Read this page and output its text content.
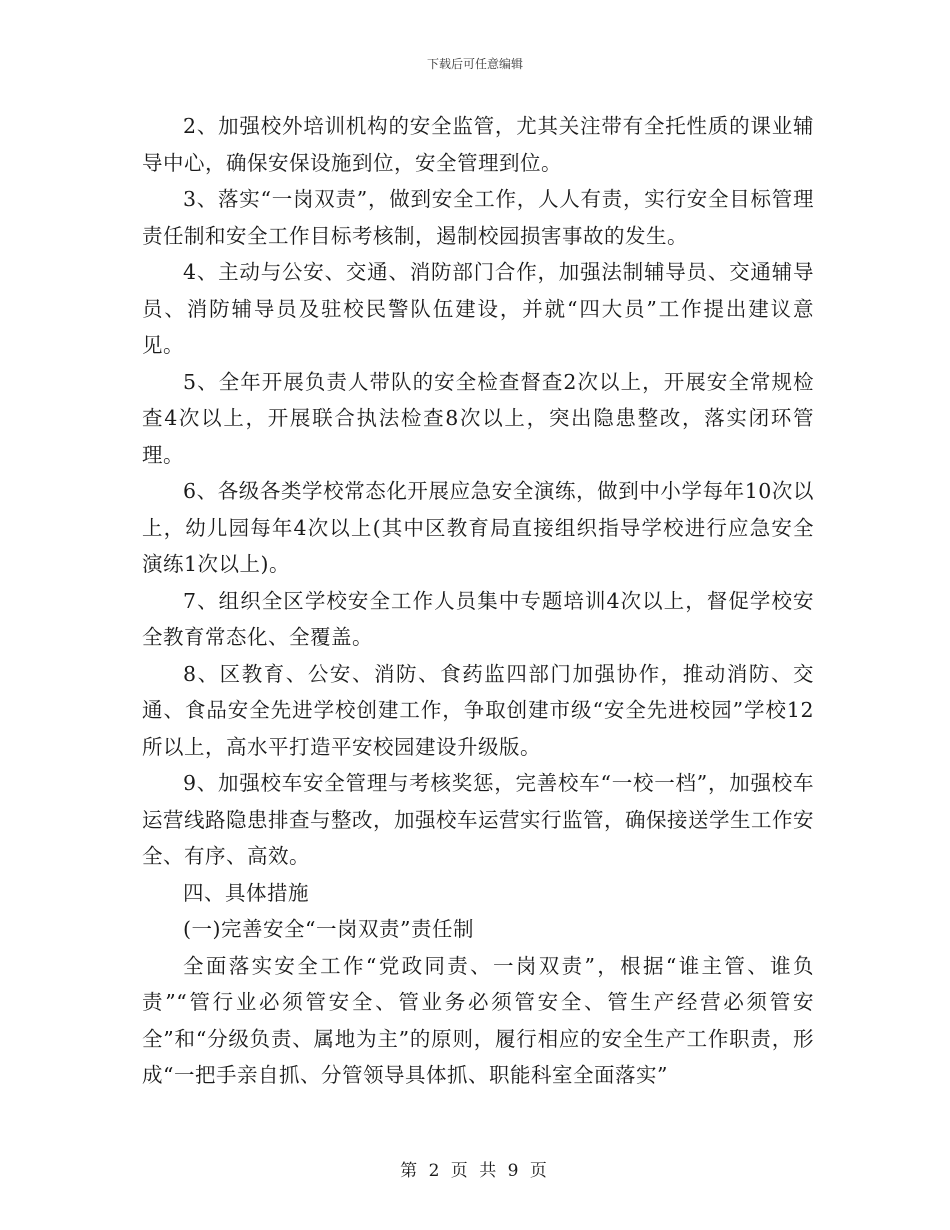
下载后可任意编辑

2、加强校外培训机构的安全监管，尤其关注带有全托性质的课业辅导中心，确保安保设施到位，安全管理到位。

3、落实“一岗双责”，做到安全工作，人人有责，实行安全目标管理责任制和安全工作目标考核制，遏制校园损害事故的发生。

4、主动与公安、交通、消防部门合作，加强法制辅导员、交通辅导员、消防辅导员及驻校民警队伍建设，并就“四大员”工作提出建议意见。

5、全年开展负责人带队的安全检查督查2次以上，开展安全常规检查4次以上，开展联合执法检查8次以上，突出隐患整改，落实闭环管理。

6、各级各类学校常态化开展应急安全演练，做到中小学每年10次以上，幼儿园每年4次以上(其中区教育局直接组织指导学校进行应急安全演练1次以上)。

7、组织全区学校安全工作人员集中专题培训4次以上，督促学校安全教育常态化、全覆盖。

8、区教育、公安、消防、食药监四部门加强协作，推动消防、交通、食品安全先进学校创建工作，争取创建市级“安全先进校园”学校12所以上，高水平打造平安校园建设升级版。

9、加强校车安全管理与考核奖惩，完善校车“一校一档”，加强校车运营线路隐患排查与整改，加强校车运营实行监管，确保接送学生工作安全、有序、高效。

四、具体措施

(一)完善安全“一岗双责”责任制

全面落实安全工作“党政同责、一岗双责”，根据“谁主管、谁负责”“管行业必须管安全、管业务必须管安全、管生产经营必须管安全”和“分级负责、属地为主”的原则，履行相应的安全生产工作职责，形成“一把手亲自抓、分管领导具体抓、职能科室全面落实”

第 2 页 共 9 页
